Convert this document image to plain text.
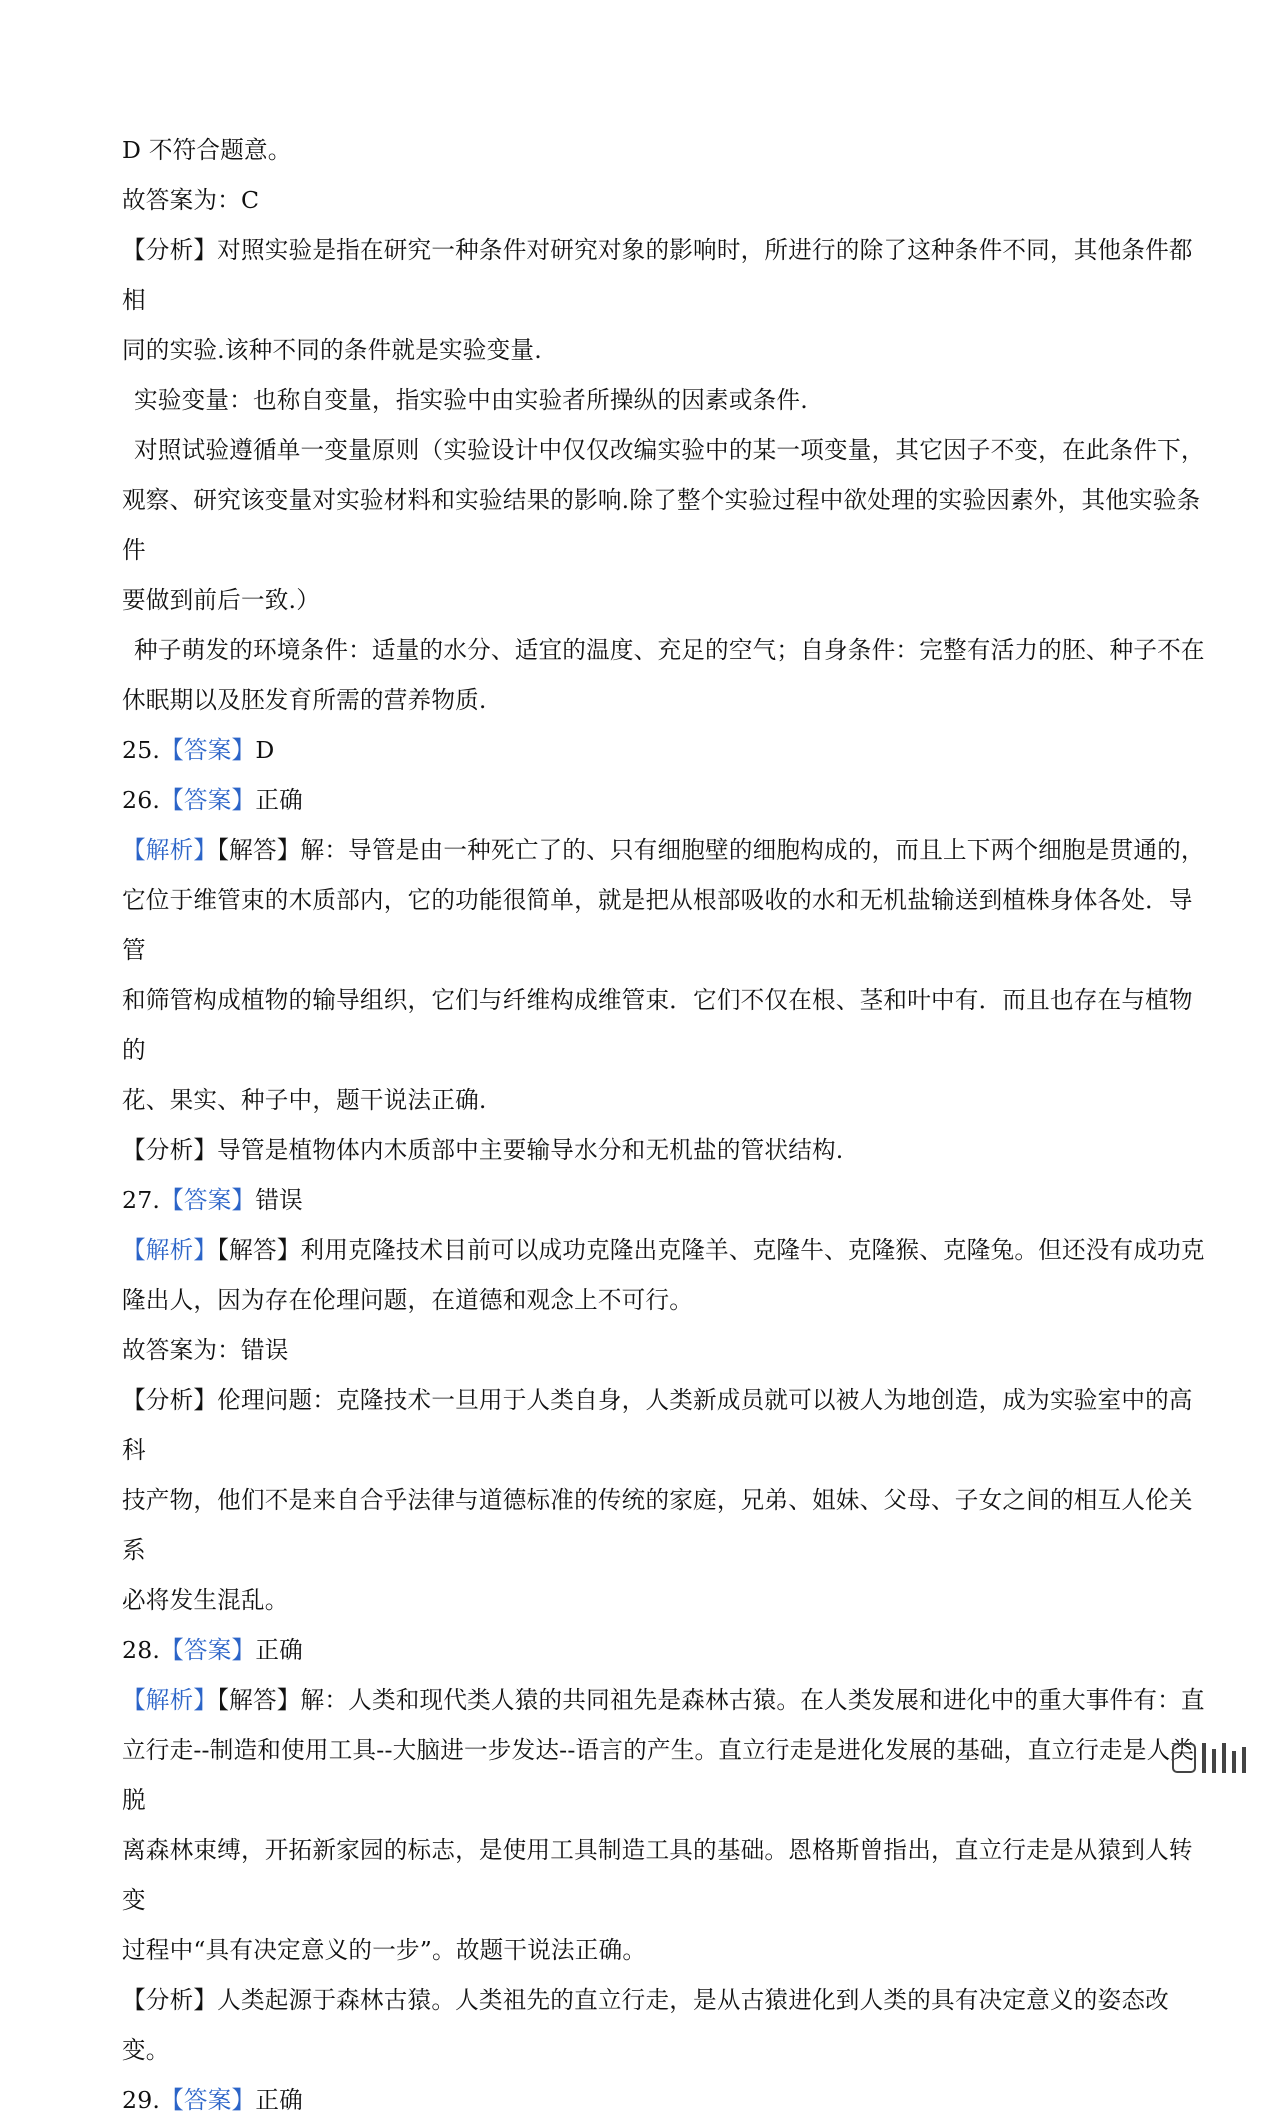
D 不符合题意。

故答案为：C

【分析】对照实验是指在研究一种条件对研究对象的影响时，所进行的除了这种条件不同，其他条件都相

同的实验.该种不同的条件就是实验变量.

实验变量：也称自变量，指实验中由实验者所操纵的因素或条件.

对照试验遵循单一变量原则（实验设计中仅仅改编实验中的某一项变量，其它因子不变，在此条件下，

观察、研究该变量对实验材料和实验结果的影响.除了整个实验过程中欲处理的实验因素外，其他实验条件

要做到前后一致.）

种子萌发的环境条件：适量的水分、适宜的温度、充足的空气；自身条件：完整有活力的胚、种子不在

休眠期以及胚发育所需的营养物质.

25.【答案】D

26.【答案】正确

【解析】【解答】解：导管是由一种死亡了的、只有细胞壁的细胞构成的，而且上下两个细胞是贯通的，

它位于维管束的木质部内，它的功能很简单，就是把从根部吸收的水和无机盐输送到植株身体各处．导管

和筛管构成植物的输导组织，它们与纤维构成维管束．它们不仅在根、茎和叶中有．而且也存在与植物的

花、果实、种子中，题干说法正确.

【分析】导管是植物体内木质部中主要输导水分和无机盐的管状结构.

27.【答案】错误

【解析】【解答】利用克隆技术目前可以成功克隆出克隆羊、克隆牛、克隆猴、克隆兔。但还没有成功克

隆出人，因为存在伦理问题，在道德和观念上不可行。

故答案为：错误

【分析】伦理问题：克隆技术一旦用于人类自身，人类新成员就可以被人为地创造，成为实验室中的高科

技产物，他们不是来自合乎法律与道德标准的传统的家庭，兄弟、姐妹、父母、子女之间的相互人伦关系

必将发生混乱。

28.【答案】正确

【解析】【解答】解：人类和现代类人猿的共同祖先是森林古猿。在人类发展和进化中的重大事件有：直

立行走--制造和使用工具--大脑进一步发达--语言的产生。直立行走是进化发展的基础，直立行走是人类脱

离森林束缚，开拓新家园的标志，是使用工具制造工具的基础。恩格斯曾指出，直立行走是从猿到人转变

过程中“具有决定意义的一步”。故题干说法正确。

【分析】人类起源于森林古猿。人类祖先的直立行走，是从古猿进化到人类的具有决定意义的姿态改变。

29.【答案】正确
